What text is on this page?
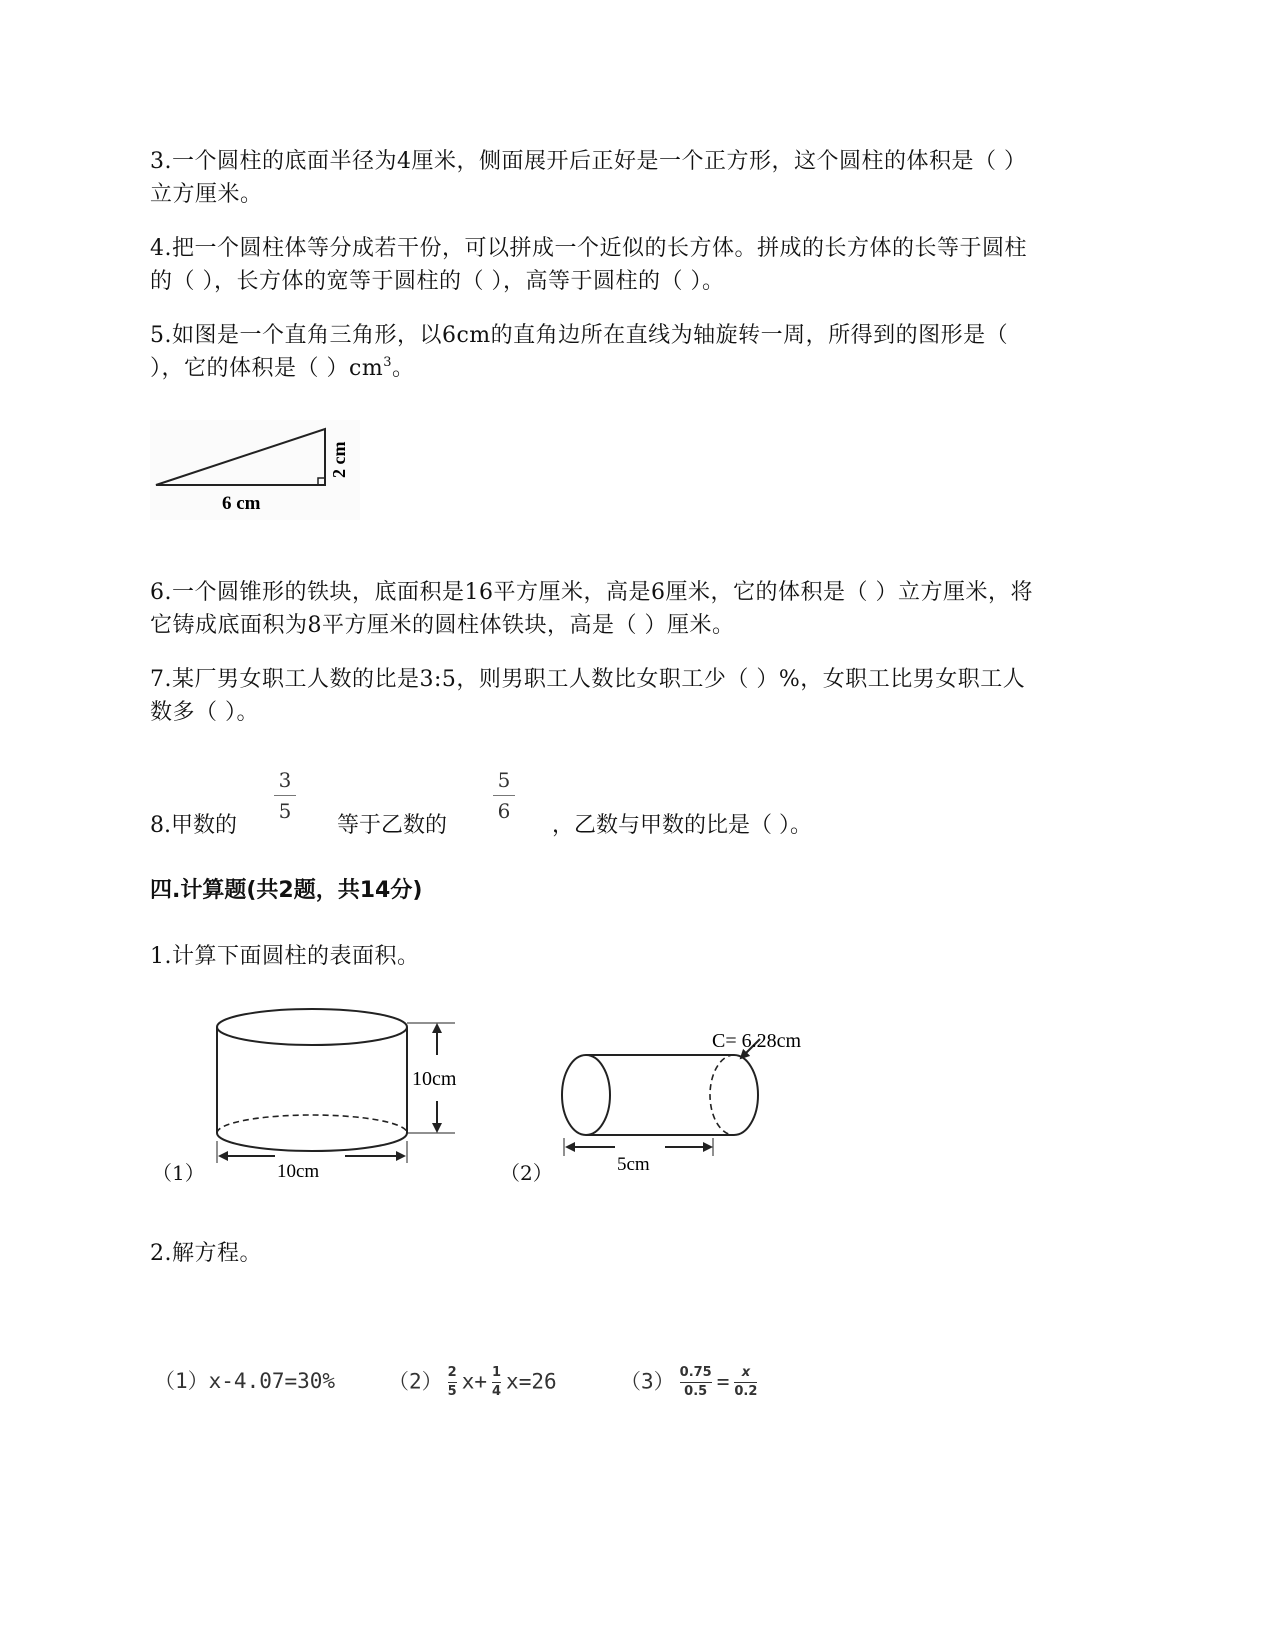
3.一个圆柱的底面半径为4厘米，侧面展开后正好是一个正方形，这个圆柱的体积是（ ）

立方厘米。

4.把一个圆柱体等分成若干份，可以拼成一个近似的长方体。拼成的长方体的长等于圆柱

的（ ），长方体的宽等于圆柱的（ ），高等于圆柱的（ ）。

5.如图是一个直角三角形，以6cm的直角边所在直线为轴旋转一周，所得到的图形是（

），它的体积是（ ）$cm^3$。

6 cm
2 cm

6.一个圆锥形的铁块，底面积是16平方厘米，高是6厘米，它的体积是（ ）立方厘米，将

它铸成底面积为8平方厘米的圆柱体铁块，高是（ ）厘米。

7.某厂男女职工人数的比是3:5，则男职工人数比女职工少（ ）%，女职工比男女职工人

数多（ ）。

8.甲数的
3
5
等于乙数的
5
6
，乙数与甲数的比是（ ）。
四.计算题(共2题，共14分)

1.计算下面圆柱的表面积。

（1）
10cm
10cm	（2）
C= 6.28cm
5cm

2.解方程。

（1）x-4.07=30%	$(2) \frac{2}{5} x+ \frac{1}{4} x=26$	$(3) \frac{0.75}{0.5} = \frac{x}{0.2}$
